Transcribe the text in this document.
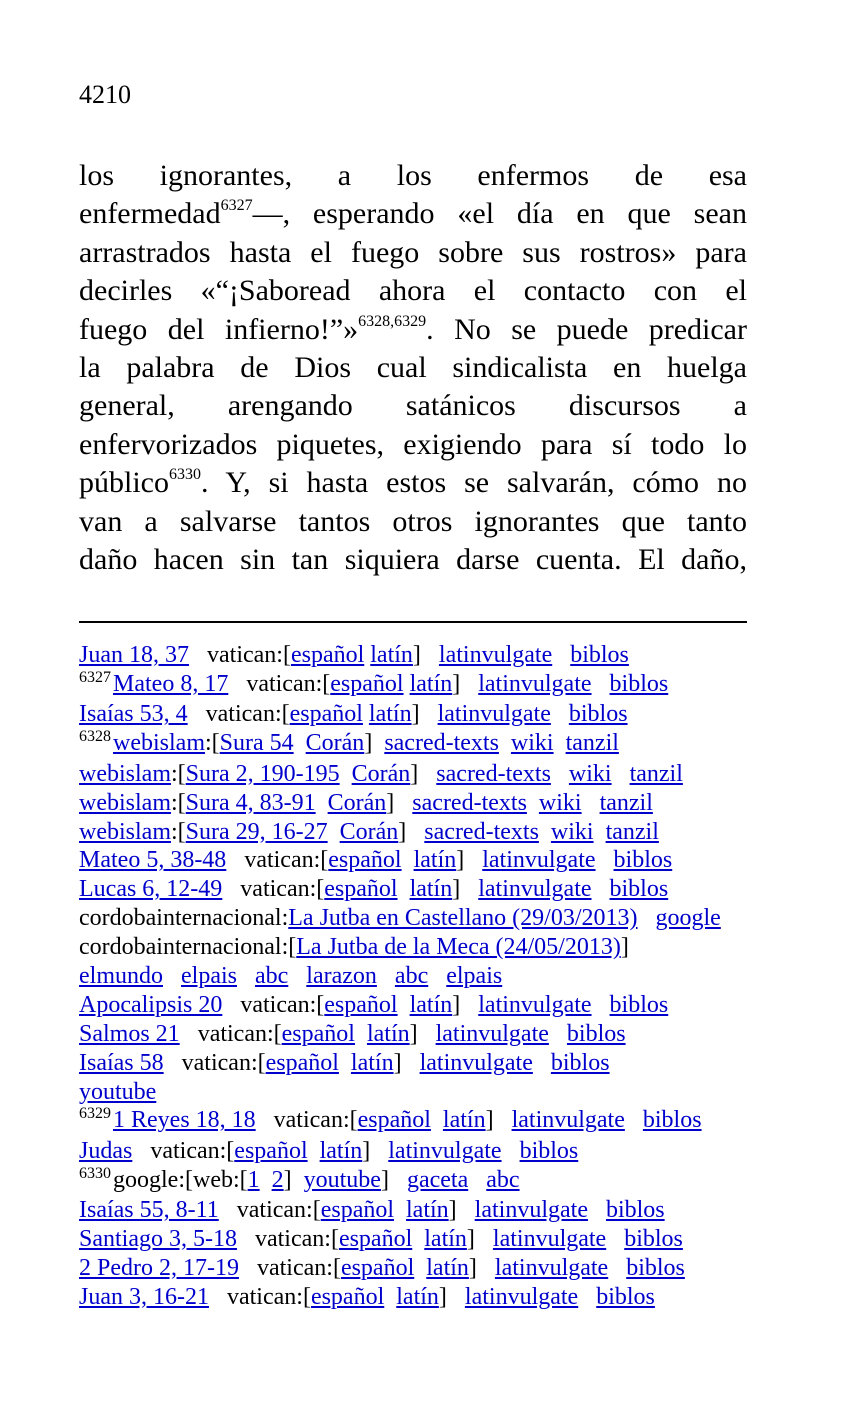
4210
los ignorantes, a los enfermos de esa
enfermedad$^{6327}$—, esperando «el día en que sean
arrastrados hasta el fuego sobre sus rostros» para
decirles «“¡Saboread ahora el contacto con el
fuego del infierno!”»$^{6328,6329}$. No se puede predicar
la palabra de Dios cual sindicalista en huelga
general, arengando satánicos discursos a
enfervorizados piquetes, exigiendo para sí todo lo
público$^{6330}$. Y, si hasta estos se salvarán, cómo no
van a salvarse tantos otros ignorantes que tanto
daño hacen sin tan siquiera darse cuenta. El daño,
Juan 18, 37 vatican:[español latín] latinvulgate biblos
$^{6327}$Mateo 8, 17 vatican:[español latín] latinvulgate biblos
Isaías 53, 4 vatican:[español latín] latinvulgate biblos
$^{6328}$webislam:[Sura 54 Corán] sacred-texts wiki tanzil
webislam:[Sura 2, 190-195 Corán] sacred-texts wiki tanzil
webislam:[Sura 4, 83-91 Corán] sacred-texts wiki tanzil
webislam:[Sura 29, 16-27 Corán] sacred-texts wiki tanzil
Mateo 5, 38-48 vatican:[español latín] latinvulgate biblos
Lucas 6, 12-49 vatican:[español latín] latinvulgate biblos
cordobainternacional:La Jutba en Castellano (29/03/2013) google
cordobainternacional:[La Jutba de la Meca (24/05/2013)]
elmundo elpais abc larazon abc elpais
Apocalipsis 20 vatican:[español latín] latinvulgate biblos
Salmos 21 vatican:[español latín] latinvulgate biblos
Isaías 58 vatican:[español latín] latinvulgate biblos
youtube
$^{6329}$1 Reyes 18, 18 vatican:[español latín] latinvulgate biblos
Judas vatican:[español latín] latinvulgate biblos
$^{6330}$google:[web:[1 2] youtube] gaceta abc
Isaías 55, 8-11 vatican:[español latín] latinvulgate biblos
Santiago 3, 5-18 vatican:[español latín] latinvulgate biblos
2 Pedro 2, 17-19 vatican:[español latín] latinvulgate biblos
Juan 3, 16-21 vatican:[español latín] latinvulgate biblos
